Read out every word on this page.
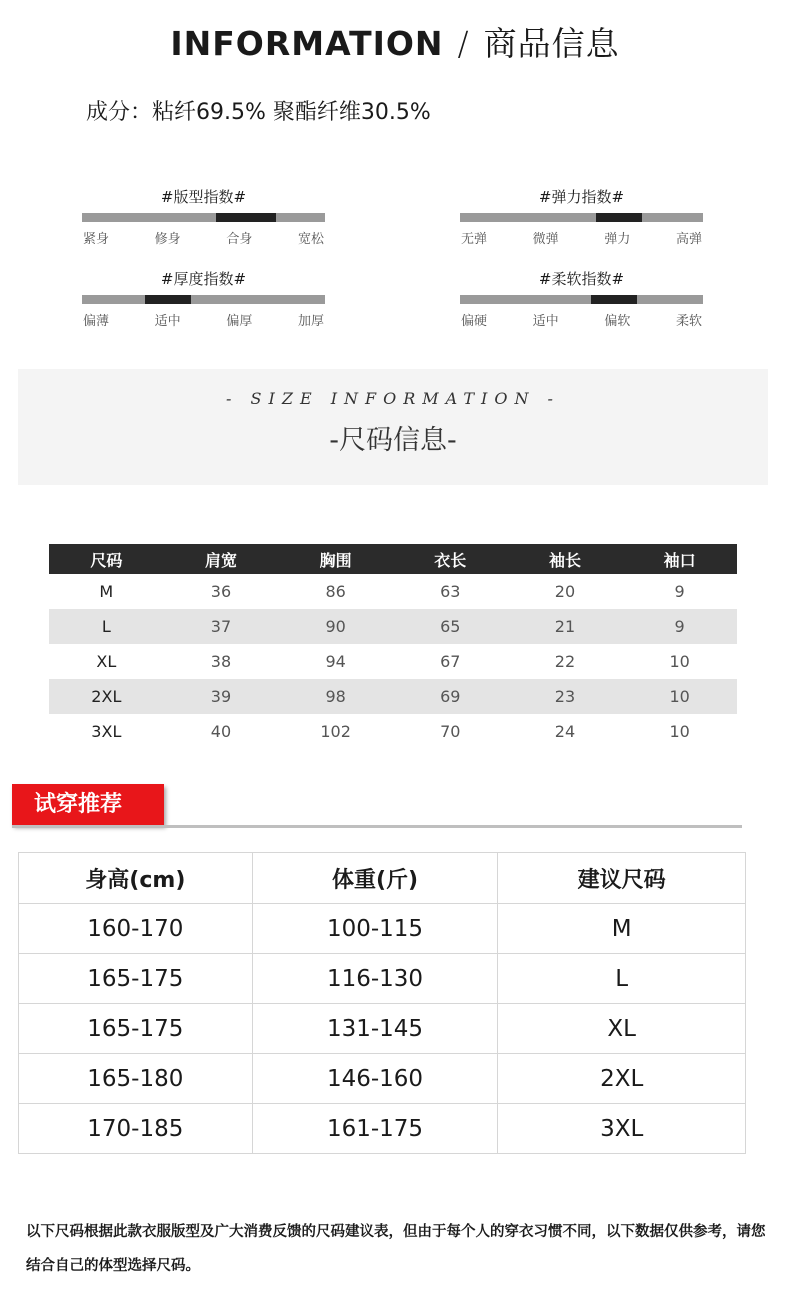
INFORMATION / 商品信息
成分：粘纤69.5% 聚酯纤维30.5%
#版型指数#
紧身	修身	合身	宽松
#弹力指数#
无弹	微弹	弹力	高弹
#厚度指数#
偏薄	适中	偏厚	加厚
#柔软指数#
偏硬	适中	偏软	柔软
- SIZE INFORMATION -
-尺码信息-
尺码	肩宽	胸围	衣长	袖长	袖口
M	36	86	63	20	9
L	37	90	65	21	9
XL	38	94	67	22	10
2XL	39	98	69	23	10
3XL	40	102	70	24	10
试穿推荐
身高(cm)	体重(斤)	建议尺码
160-170	100-115	M
165-175	116-130	L
165-175	131-145	XL
165-180	146-160	2XL
170-185	161-175	3XL
以下尺码根据此款衣服版型及广大消费反馈的尺码建议表，但由于每个人的穿衣习惯不同，以下数据仅供参考，请您结合自己的体型选择尺码。
